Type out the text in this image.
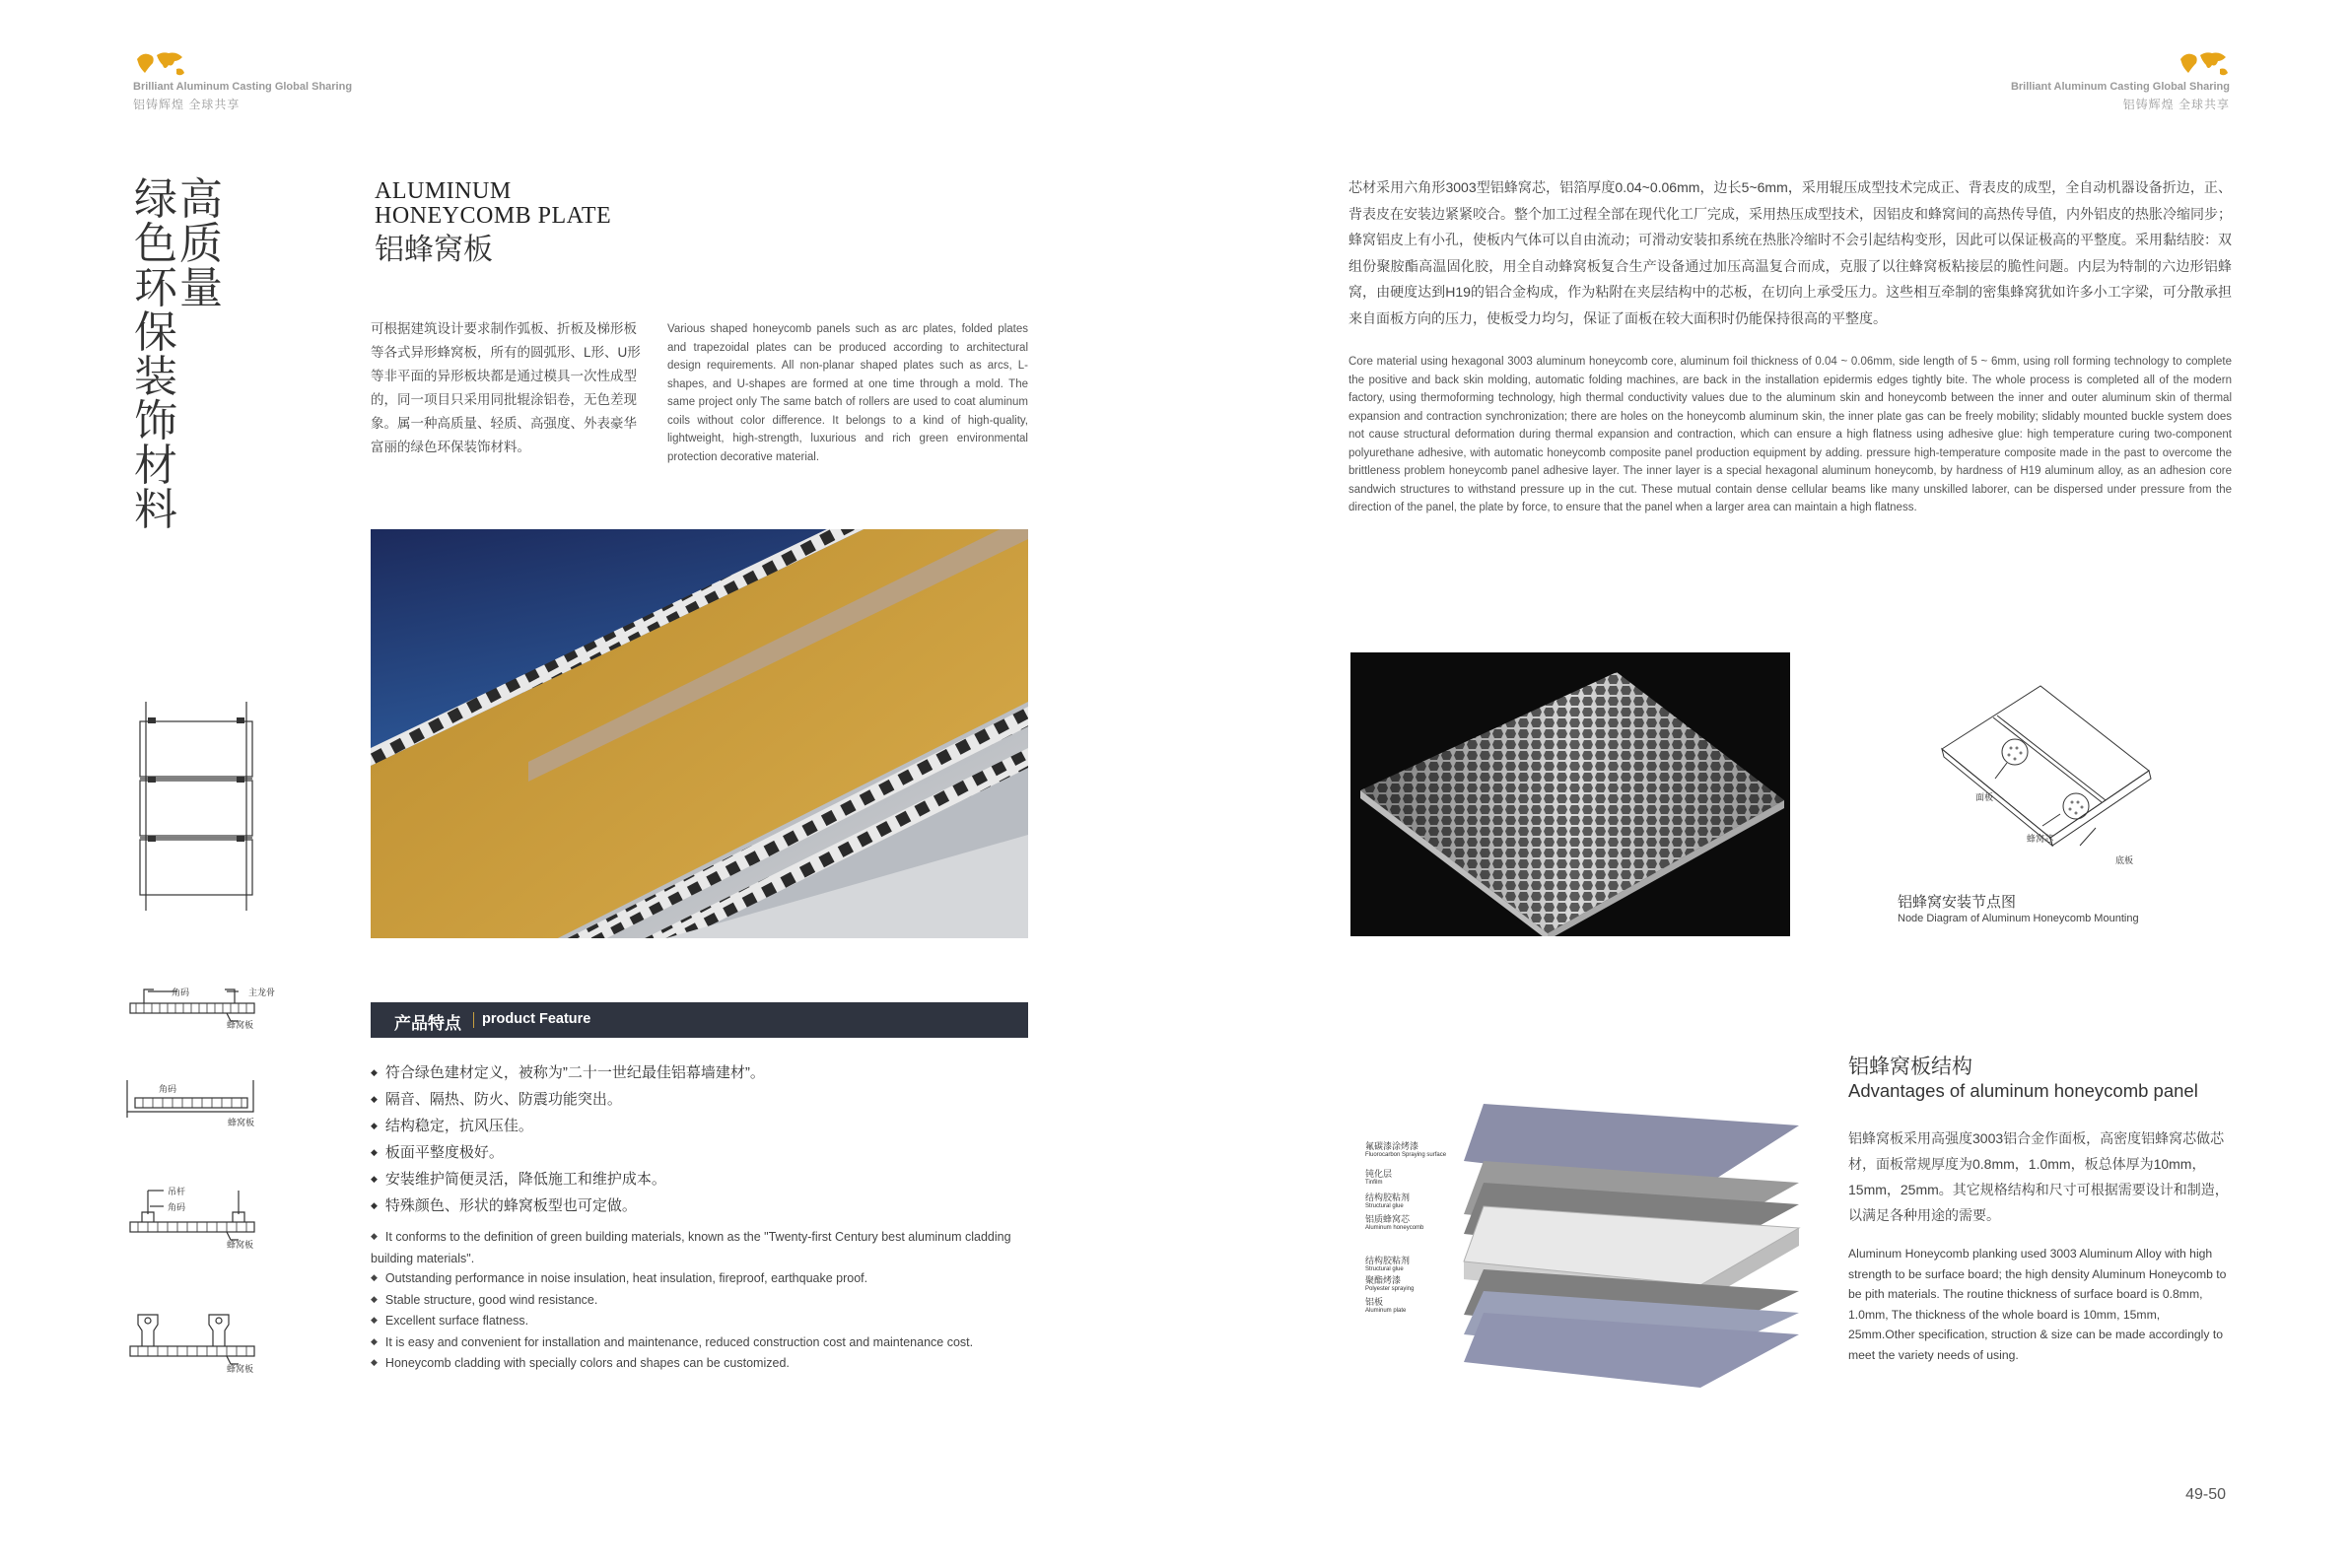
Brilliant Aluminum Casting Global Sharing
铝铸辉煌 全球共享
Brilliant Aluminum Casting Global Sharing
铝铸辉煌 全球共享
绿色环保装饰材料
高质量
ALUMINUM
HONEYCOMB PLATE
铝蜂窝板
可根据建筑设计要求制作弧板、折板及梯形板等各式异形蜂窝板，所有的圆弧形、L形、U形等非平面的异形板块都是通过模具一次性成型的，同一项目只采用同批辊涂铝卷，无色差现象。属一种高质量、轻质、高强度、外表豪华富丽的绿色环保装饰材料。
Various shaped honeycomb panels such as arc plates, folded plates and trapezoidal plates can be produced according to architectural design requirements. All non-planar shaped plates such as arcs, L-shapes, and U-shapes are formed at one time through a mold. The same project only The same batch of rollers are used to coat aluminum coils without color difference. It belongs to a kind of high-quality, lightweight, high-strength, luxurious and rich green environmental protection decorative material.
角码	主龙骨
蜂窝板
角码
蜂窝板
吊杆
角码
蜂窝板
蜂窝板
产品特点 product Feature
◆ 符合绿色建材定义，被称为”二十一世纪最佳铝幕墙建材”。
◆ 隔音、隔热、防火、防震功能突出。
◆ 结构稳定，抗风压佳。
◆ 板面平整度极好。
◆ 安装维护简便灵活，降低施工和维护成本。
◆ 特殊颜色、形状的蜂窝板型也可定做。
◆ It conforms to the definition of green building materials, known as the "Twenty-first Century best aluminum cladding building materials".
◆ Outstanding performance in noise insulation, heat insulation, fireproof, earthquake proof.
◆ Stable structure, good wind resistance.
◆ Excellent surface flatness.
◆ It is easy and convenient for installation and maintenance, reduced construction cost and maintenance cost.
◆ Honeycomb cladding with specially colors and shapes can be customized.
芯材采用六角形3003型铝蜂窝芯，铝箔厚度0.04~0.06mm，边长5~6mm，采用辊压成型技术完成正、背表皮的成型，全自动机器设备折边，正、背表皮在安装边紧紧咬合。整个加工过程全部在现代化工厂完成，采用热压成型技术，因铝皮和蜂窝间的高热传导值，内外铝皮的热胀冷缩同步；蜂窝铝皮上有小孔，使板内气体可以自由流动；可滑动安装扣系统在热胀冷缩时不会引起结构变形，因此可以保证极高的平整度。采用黏结胶：双组份聚胺酯高温固化胶，用全自动蜂窝板复合生产设备通过加压高温复合而成，克服了以往蜂窝板粘接层的脆性问题。内层为特制的六边形铝蜂窝，由硬度达到H19的铝合金构成，作为粘附在夹层结构中的芯板，在切向上承受压力。这些相互牵制的密集蜂窝犹如许多小工字梁，可分散承担来自面板方向的压力，使板受力均匀，保证了面板在较大面积时仍能保持很高的平整度。
Core material using hexagonal 3003 aluminum honeycomb core, aluminum foil thickness of 0.04 ~ 0.06mm, side length of 5 ~ 6mm, using roll forming technology to complete the positive and back skin molding, automatic folding machines, are back in the installation epidermis edges tightly bite. The whole process is completed all of the modern factory, using thermoforming technology, high thermal conductivity values due to the aluminum skin and honeycomb between the inner and outer aluminum skin of thermal expansion and contraction synchronization; there are holes on the honeycomb aluminum skin, the inner plate gas can be freely mobility; slidably mounted buckle system does not cause structural deformation during thermal expansion and contraction, which can ensure a high flatness using adhesive glue: high temperature curing two-component polyurethane adhesive, with automatic honeycomb composite panel production equipment by adding. pressure high-temperature composite made in the past to overcome the brittleness problem honeycomb panel adhesive layer. The inner layer is a special hexagonal aluminum honeycomb, by hardness of H19 aluminum alloy, as an adhesion core sandwich structures to withstand pressure up in the cut. These mutual contain dense cellular beams like many unskilled laborer, can be dispersed under pressure from the direction of the panel, the plate by force, to ensure that the panel when a larger area can maintain a high flatness.
面板
蜂窝芯
底板
铝蜂窝安装节点图
Node Diagram of Aluminum Honeycomb Mounting
氟碳漆涂烤漆
Fluorocarbon Spraying surface
钝化层
Tinfilm
结构胶粘剂
Structural glue
铝质蜂窝芯
Aluminum honeycomb
结构胶粘剂
Structural glue
聚酯烤漆
Polyester spraying
铝板
Aluminum plate
铝蜂窝板结构
Advantages of aluminum honeycomb panel
铝蜂窝板采用高强度3003铝合金作面板，高密度铝蜂窝芯做芯材，面板常规厚度为0.8mm，1.0mm，板总体厚为10mm，15mm，25mm。其它规格结构和尺寸可根据需要设计和制造，以满足各种用途的需要。
Aluminum Honeycomb planking used 3003 Aluminum Alloy with high strength to be surface board; the high density Aluminum Honeycomb to be pith materials. The routine thickness of surface board is 0.8mm, 1.0mm, The thickness of the whole board is 10mm, 15mm, 25mm.Other specification, struction & size can be made accordingly to meet the variety needs of using.
49-50
